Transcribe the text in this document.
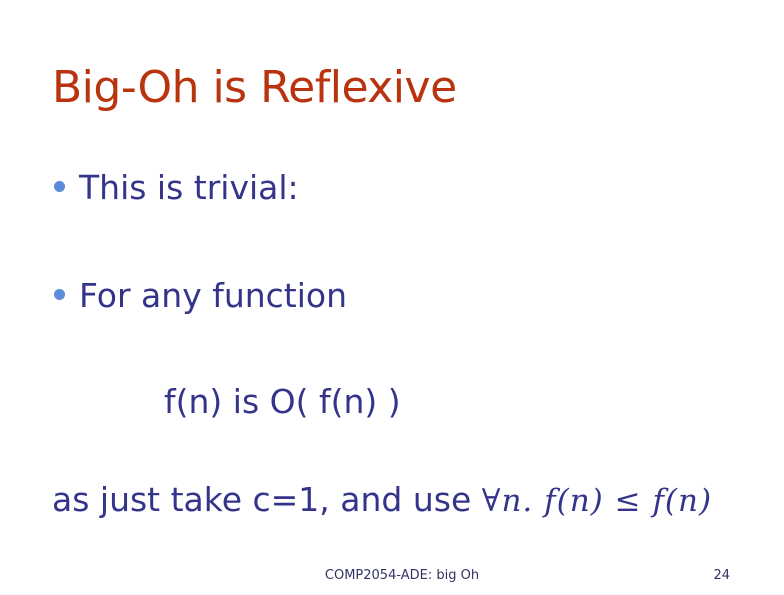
Big-Oh is Reflexive
This is trivial:
For any function
f(n) is O( f(n) )
as just take c=1, and use ∀n. f(n) ≤ f(n)
COMP2054-ADE: big Oh	24
